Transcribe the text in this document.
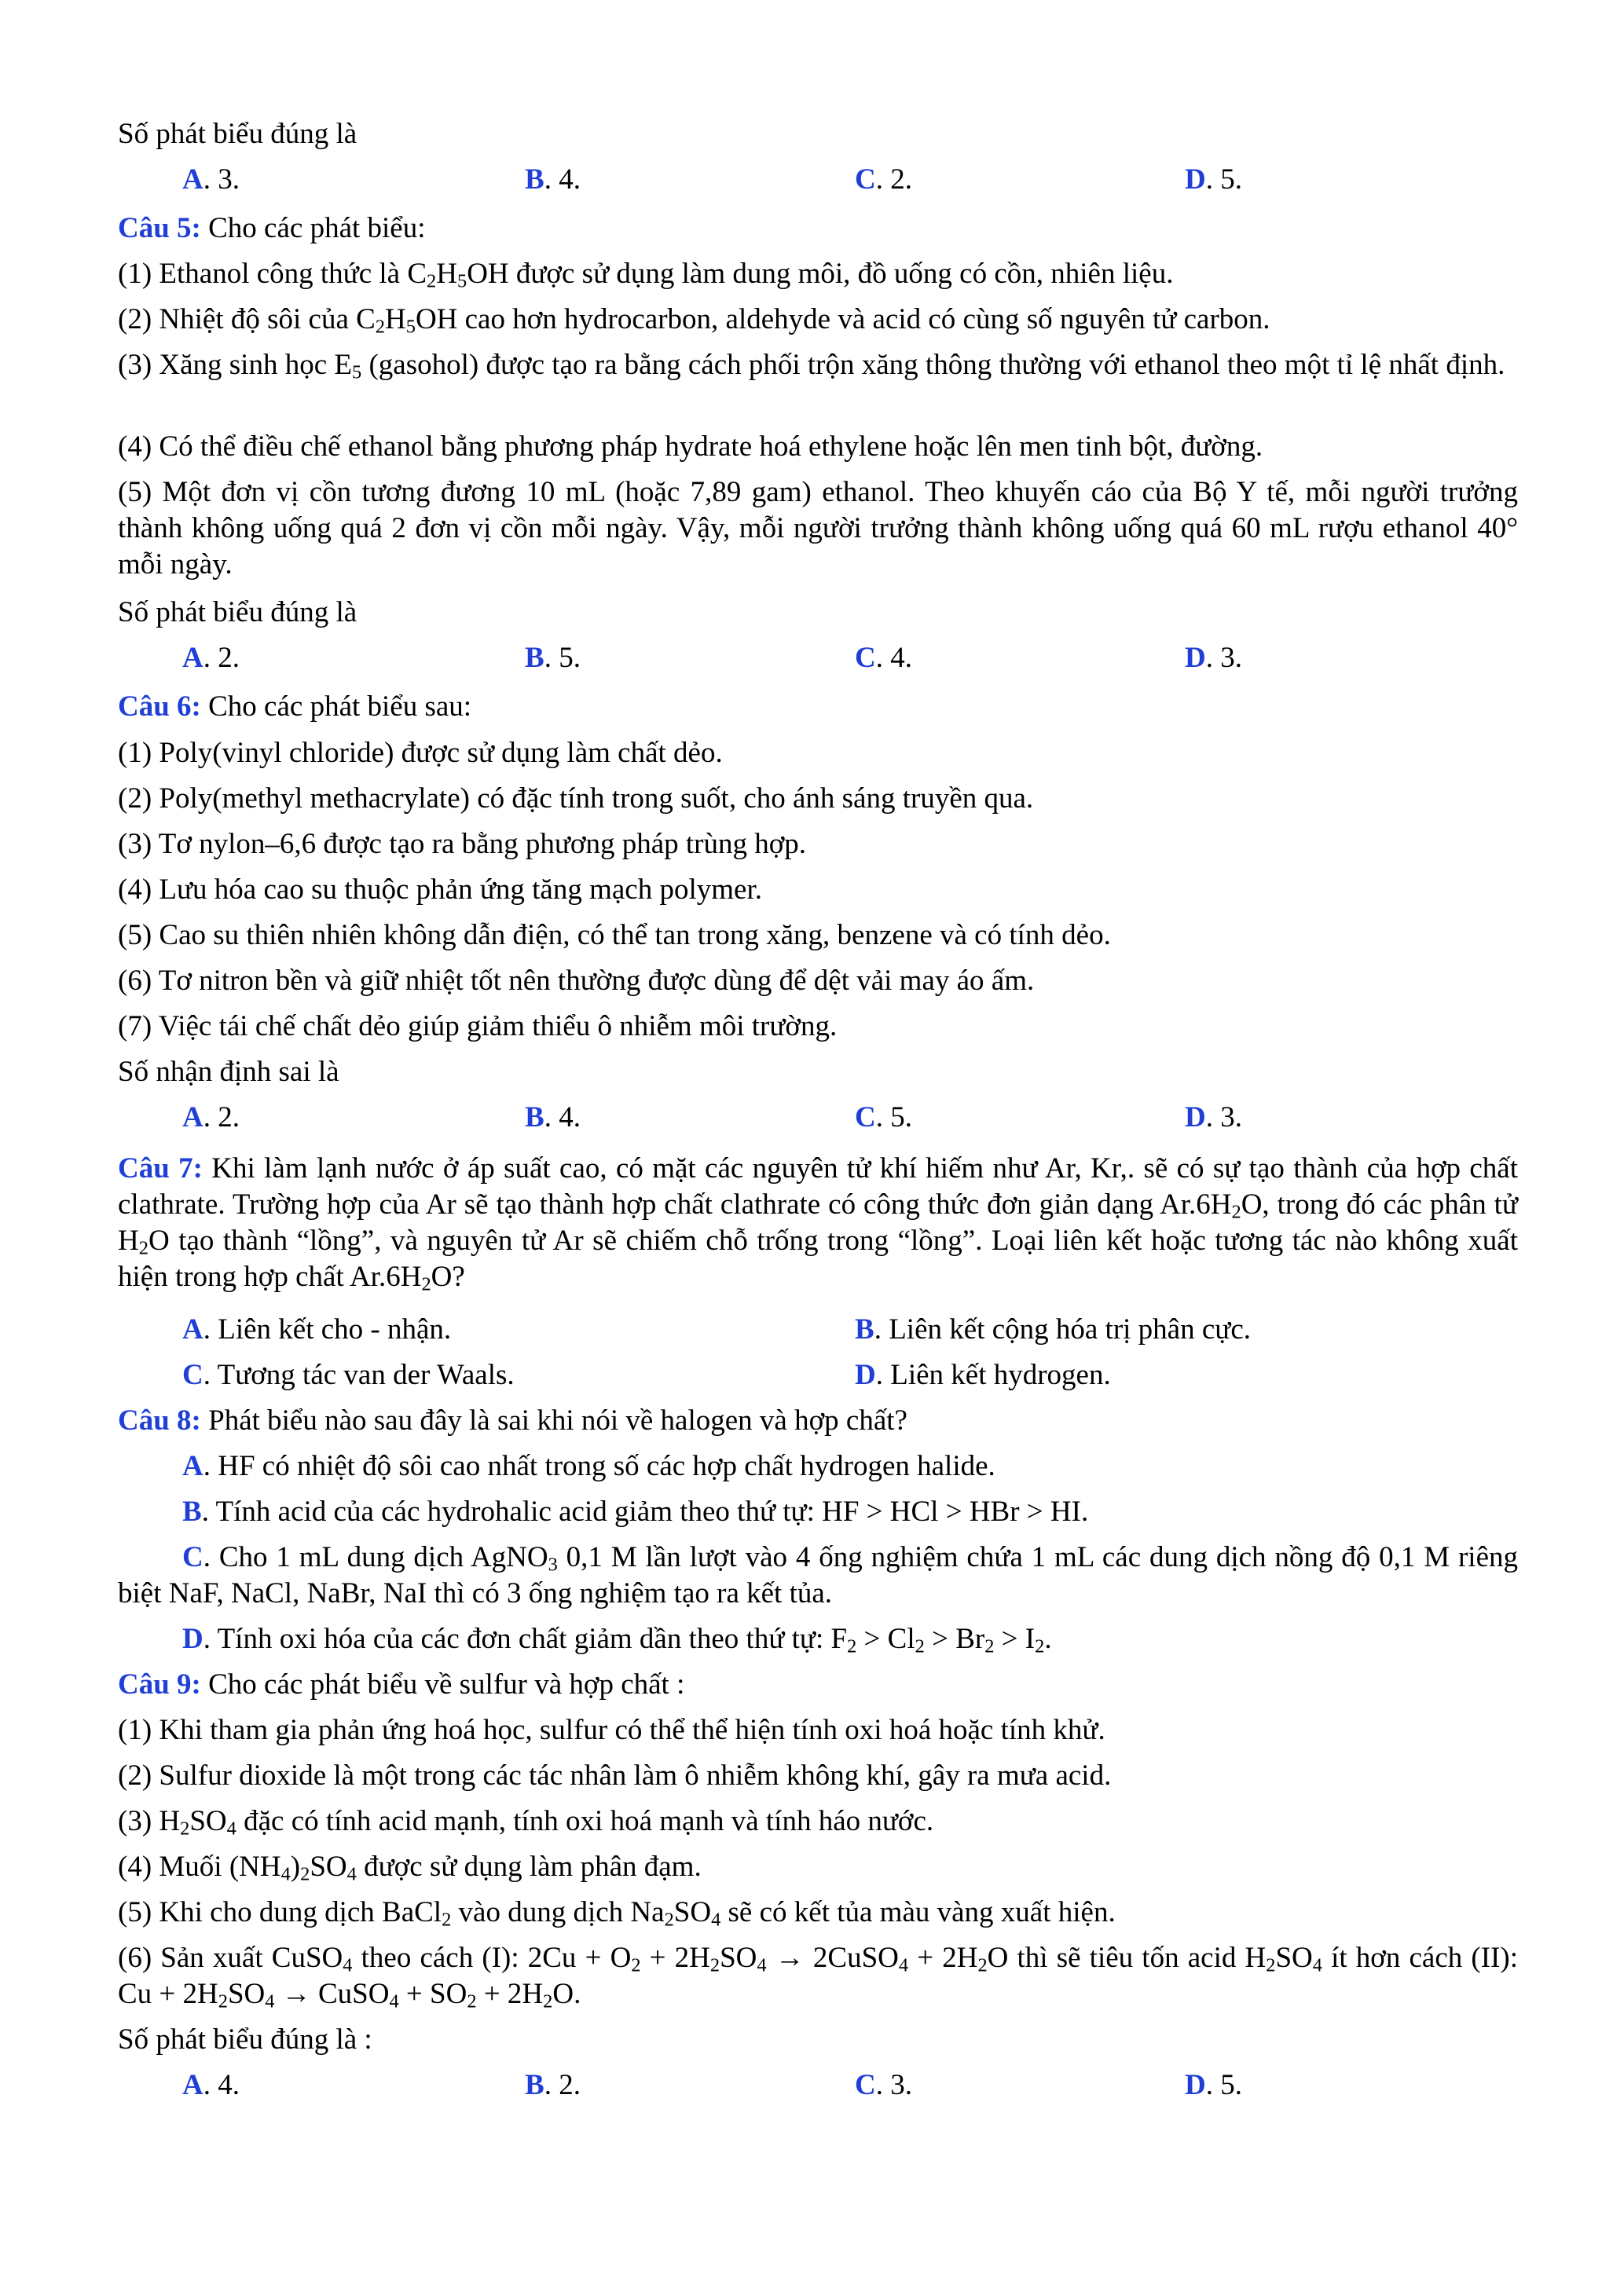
Số phát biểu đúng là
A. 3.	B. 4.	C. 2.	D. 5.
Câu 5: Cho các phát biểu:
(1) Ethanol công thức là $C_2H_5OH$ được sử dụng làm dung môi, đồ uống có cồn, nhiên liệu.
(2) Nhiệt độ sôi của $C_2H_5OH$ cao hơn hydrocarbon, aldehyde và acid có cùng số nguyên tử carbon.
(3) Xăng sinh học $E_5$ (gasohol) được tạo ra bằng cách phối trộn xăng thông thường với ethanol theo một tỉ lệ nhất định.
(4) Có thể điều chế ethanol bằng phương pháp hydrate hoá ethylene hoặc lên men tinh bột, đường.
(5) Một đơn vị cồn tương đương 10 mL (hoặc 7,89 gam) ethanol. Theo khuyến cáo của Bộ Y tế, mỗi người trưởng thành không uống quá 2 đơn vị cồn mỗi ngày. Vậy, mỗi người trưởng thành không uống quá 60 mL rượu ethanol 40° mỗi ngày.
Số phát biểu đúng là
A. 2.	B. 5.	C. 4.	D. 3.
Câu 6: Cho các phát biểu sau:
(1) Poly(vinyl chloride) được sử dụng làm chất dẻo.
(2) Poly(methyl methacrylate) có đặc tính trong suốt, cho ánh sáng truyền qua.
(3) Tơ nylon–6,6 được tạo ra bằng phương pháp trùng hợp.
(4) Lưu hóa cao su thuộc phản ứng tăng mạch polymer.
(5) Cao su thiên nhiên không dẫn điện, có thể tan trong xăng, benzene và có tính dẻo.
(6) Tơ nitron bền và giữ nhiệt tốt nên thường được dùng để dệt vải may áo ấm.
(7) Việc tái chế chất dẻo giúp giảm thiểu ô nhiễm môi trường.
Số nhận định sai là
A. 2.	B. 4.	C. 5.	D. 3.
Câu 7: Khi làm lạnh nước ở áp suất cao, có mặt các nguyên tử khí hiếm như Ar, Kr,. sẽ có sự tạo thành của hợp chất clathrate. Trường hợp của Ar sẽ tạo thành hợp chất clathrate có công thức đơn giản dạng $Ar.6H_2O$, trong đó các phân tử $H_2O$ tạo thành “lồng”, và nguyên tử Ar sẽ chiếm chỗ trống trong “lồng”. Loại liên kết hoặc tương tác nào không xuất hiện trong hợp chất $Ar.6H_2O$?
A. Liên kết cho - nhận.	B. Liên kết cộng hóa trị phân cực.
C. Tương tác van der Waals.	D. Liên kết hydrogen.
Câu 8: Phát biểu nào sau đây là sai khi nói về halogen và hợp chất?
A. HF có nhiệt độ sôi cao nhất trong số các hợp chất hydrogen halide.
B. Tính acid của các hydrohalic acid giảm theo thứ tự: HF > HCl > HBr > HI.
C. Cho 1 mL dung dịch AgNO$_3$ 0,1 M lần lượt vào 4 ống nghiệm chứa 1 mL các dung dịch nồng độ 0,1 M riêng biệt NaF, NaCl, NaBr, NaI thì có 3 ống nghiệm tạo ra kết tủa.
D. Tính oxi hóa của các đơn chất giảm dần theo thứ tự: $F_2 > Cl_2 > Br_2 > I_2$.
Câu 9: Cho các phát biểu về sulfur và hợp chất :
(1) Khi tham gia phản ứng hoá học, sulfur có thể thể hiện tính oxi hoá hoặc tính khử.
(2) Sulfur dioxide là một trong các tác nhân làm ô nhiễm không khí, gây ra mưa acid.
(3) $H_2SO_4$ đặc có tính acid mạnh, tính oxi hoá mạnh và tính háo nước.
(4) Muối $(NH_4)_2SO_4$ được sử dụng làm phân đạm.
(5) Khi cho dung dịch BaCl$_2$ vào dung dịch $Na_2SO_4$ sẽ có kết tủa màu vàng xuất hiện.
(6) Sản xuất CuSO$_4$ theo cách (I): $2Cu + O_2 + 2H_2SO_4$ → 2CuSO$_4$ + $2H_2O$ thì sẽ tiêu tốn acid $H_2SO_4$ ít hơn cách (II): $Cu + 2H_2SO_4$ → CuSO$_4$ + $SO_2 + 2H_2O$.
Số phát biểu đúng là :
A. 4.	B. 2.	C. 3.	D. 5.
